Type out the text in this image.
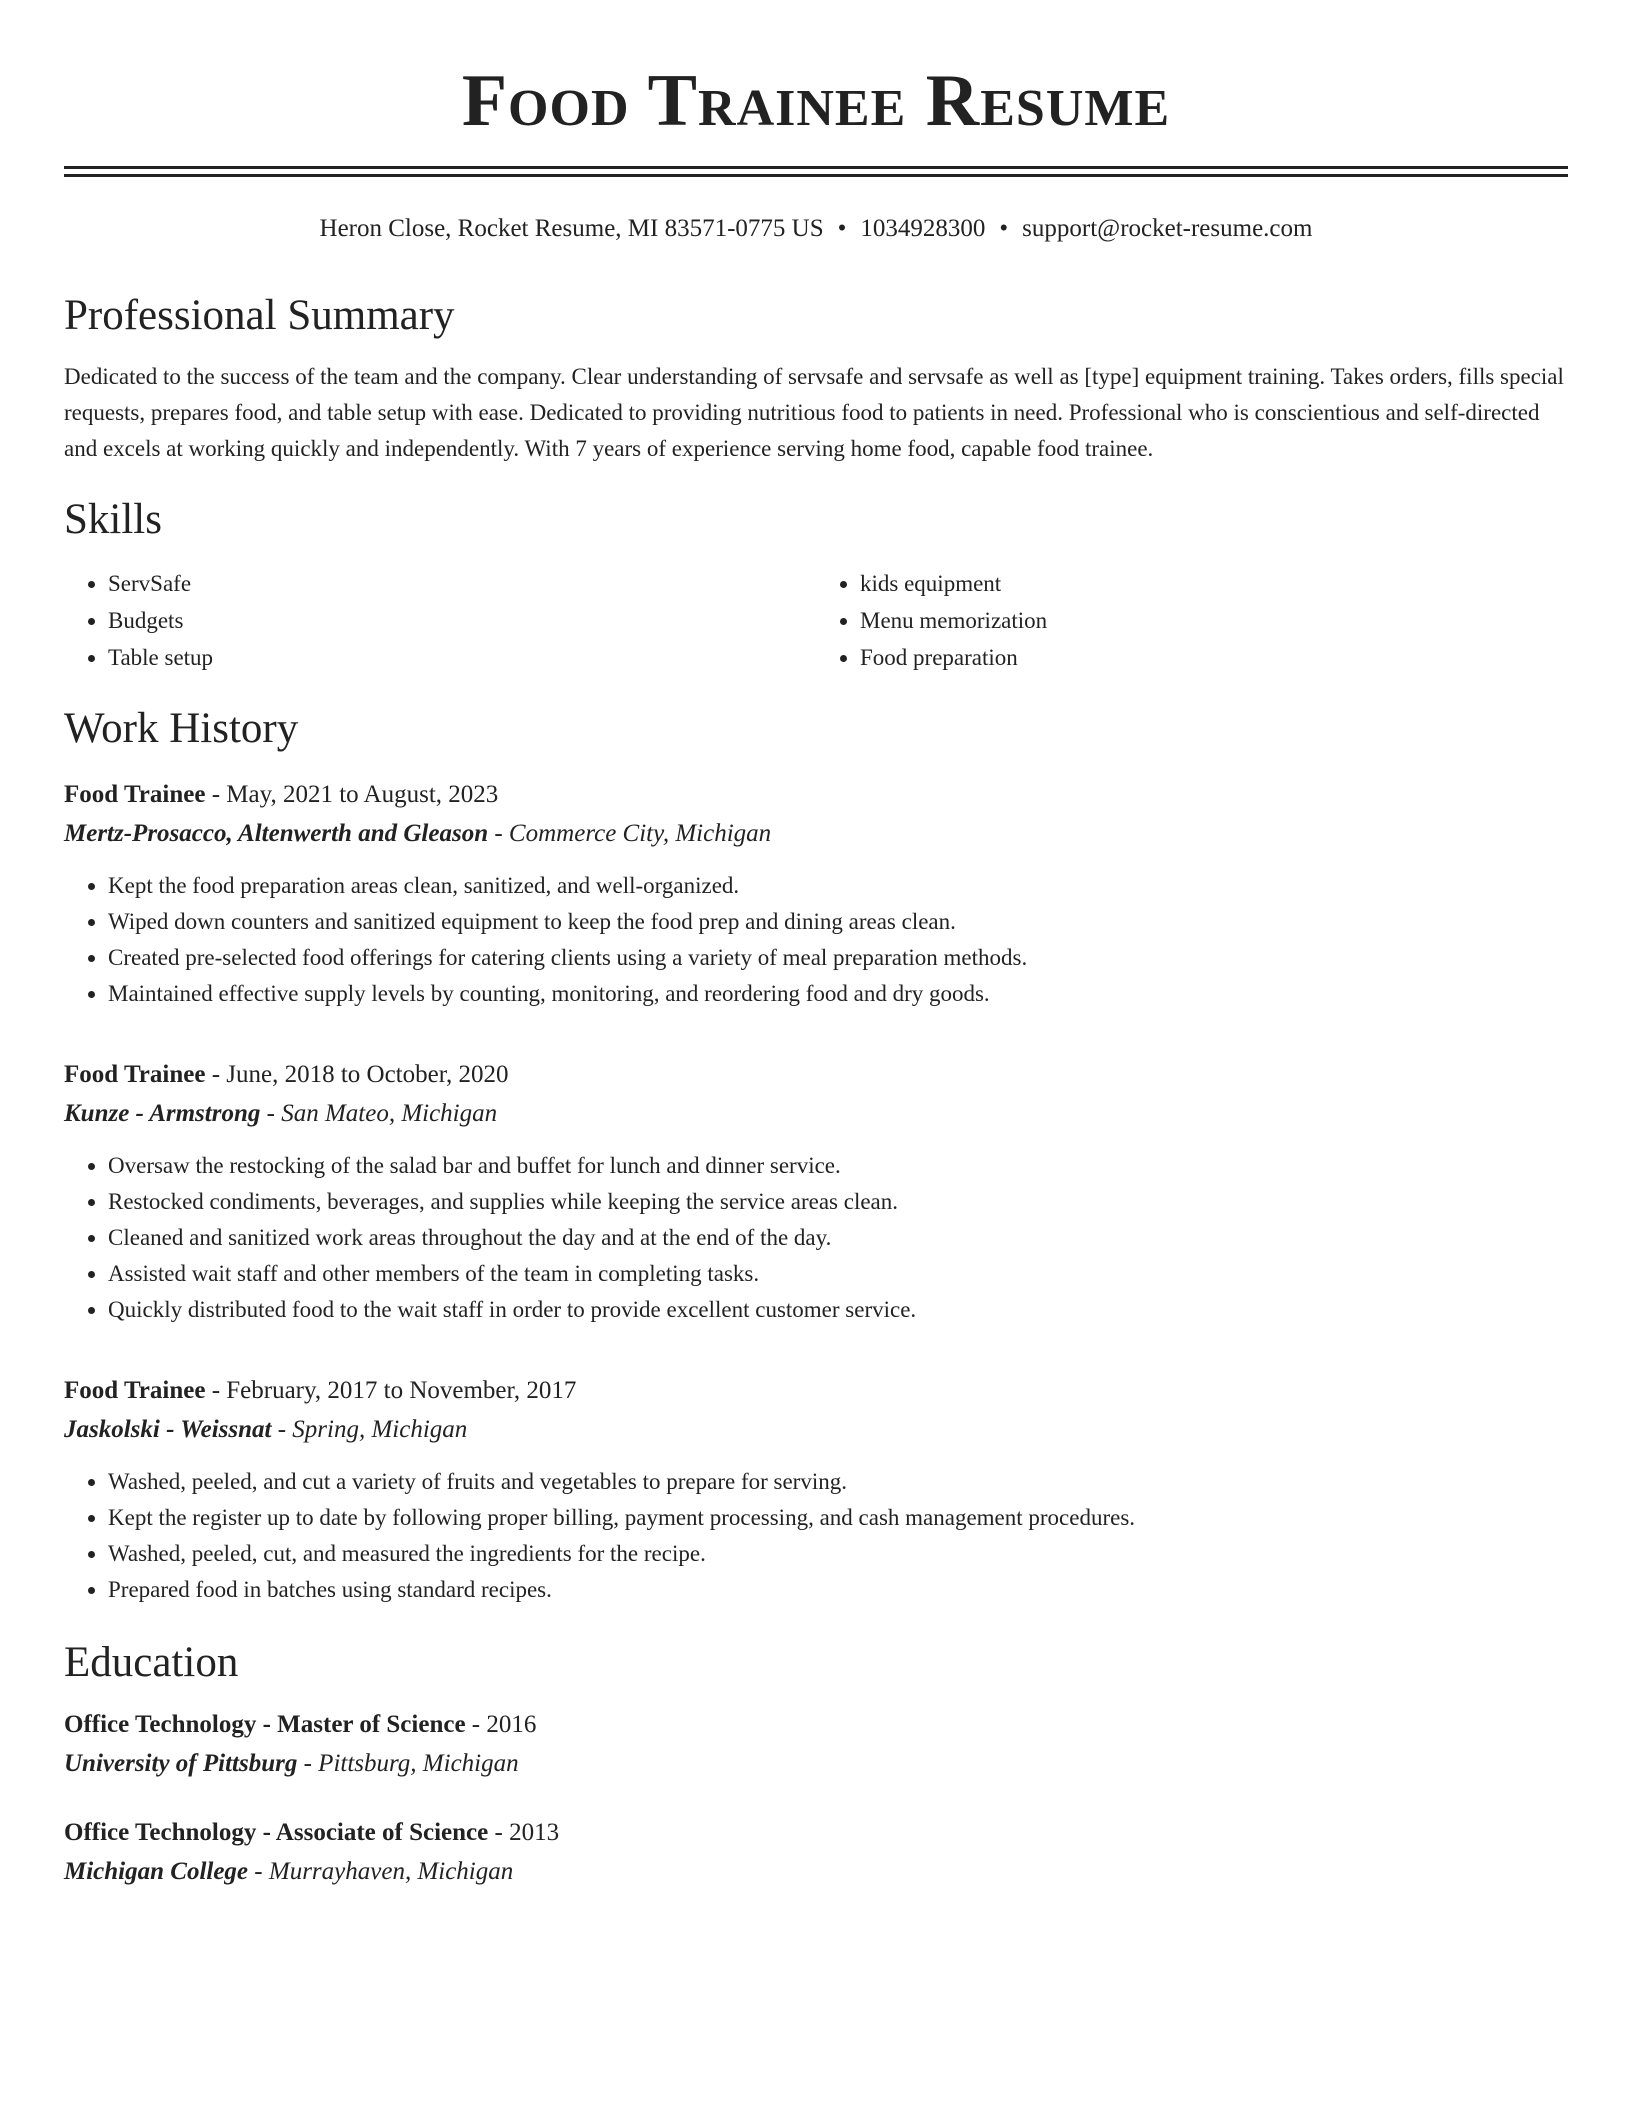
Food Trainee Resume
Heron Close, Rocket Resume, MI 83571-0775 US • 1034928300 • support@rocket-resume.com
Professional Summary

Dedicated to the success of the team and the company. Clear understanding of servsafe and servsafe as well as [type] equipment training. Takes orders, fills special requests, prepares food, and table setup with ease. Dedicated to providing nutritious food to patients in need. Professional who is conscientious and self-directed and excels at working quickly and independently. With 7 years of experience serving home food, capable food trainee.

Skills
• ServSafe
• Budgets
• Table setup
• kids equipment
• Menu memorization
• Food preparation
Work History
Food Trainee - May, 2021 to August, 2023
Mertz-Prosacco, Altenwerth and Gleason - Commerce City, Michigan
• Kept the food preparation areas clean, sanitized, and well-organized.
• Wiped down counters and sanitized equipment to keep the food prep and dining areas clean.
• Created pre-selected food offerings for catering clients using a variety of meal preparation methods.
• Maintained effective supply levels by counting, monitoring, and reordering food and dry goods.
Food Trainee - June, 2018 to October, 2020
Kunze - Armstrong - San Mateo, Michigan
• Oversaw the restocking of the salad bar and buffet for lunch and dinner service.
• Restocked condiments, beverages, and supplies while keeping the service areas clean.
• Cleaned and sanitized work areas throughout the day and at the end of the day.
• Assisted wait staff and other members of the team in completing tasks.
• Quickly distributed food to the wait staff in order to provide excellent customer service.
Food Trainee - February, 2017 to November, 2017
Jaskolski - Weissnat - Spring, Michigan
• Washed, peeled, and cut a variety of fruits and vegetables to prepare for serving.
• Kept the register up to date by following proper billing, payment processing, and cash management procedures.
• Washed, peeled, cut, and measured the ingredients for the recipe.
• Prepared food in batches using standard recipes.
Education
Office Technology - Master of Science - 2016
University of Pittsburg - Pittsburg, Michigan
Office Technology - Associate of Science - 2013
Michigan College - Murrayhaven, Michigan
